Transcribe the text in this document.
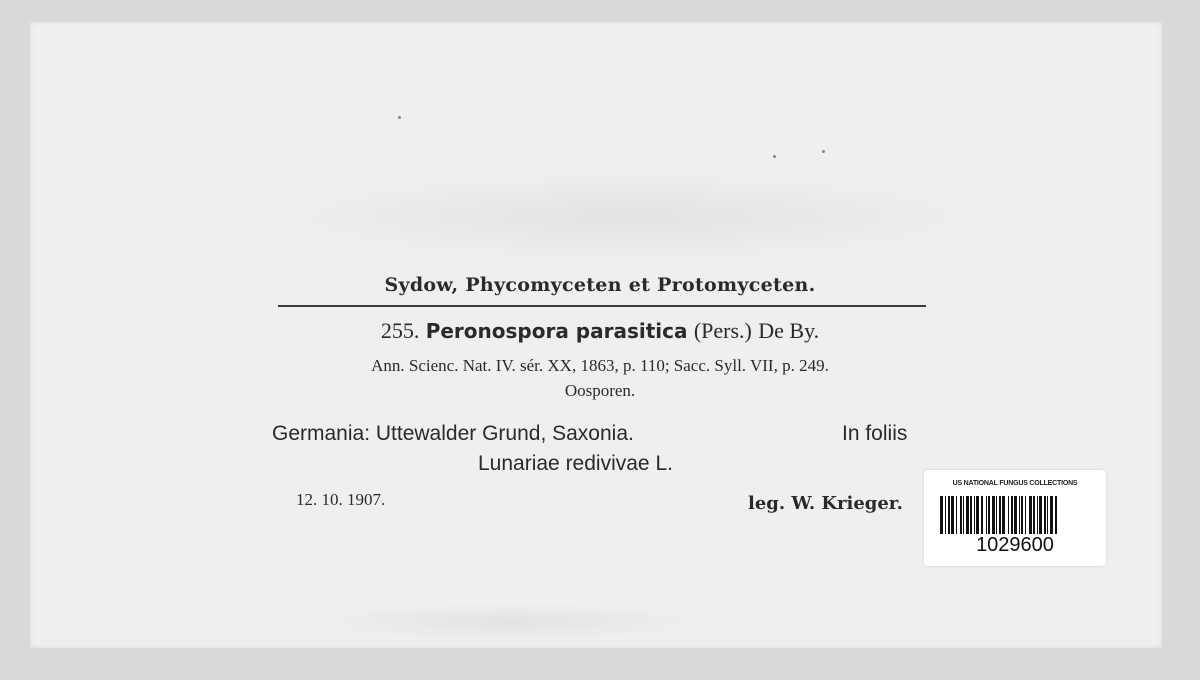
Sydow, Phycomyceten et Protomyceten.
255. Peronospora parasitica (Pers.) De By.
Ann. Scienc. Nat. IV. sér. XX, 1863, p. 110; Sacc. Syll. VII, p. 249.
Oosporen.
Germania: Uttewalder Grund, Saxonia.	In foliis
Lunariae redivivae L.
12. 10. 1907.	leg. W. Krieger.
US NATIONAL FUNGUS COLLECTIONS
1029600
